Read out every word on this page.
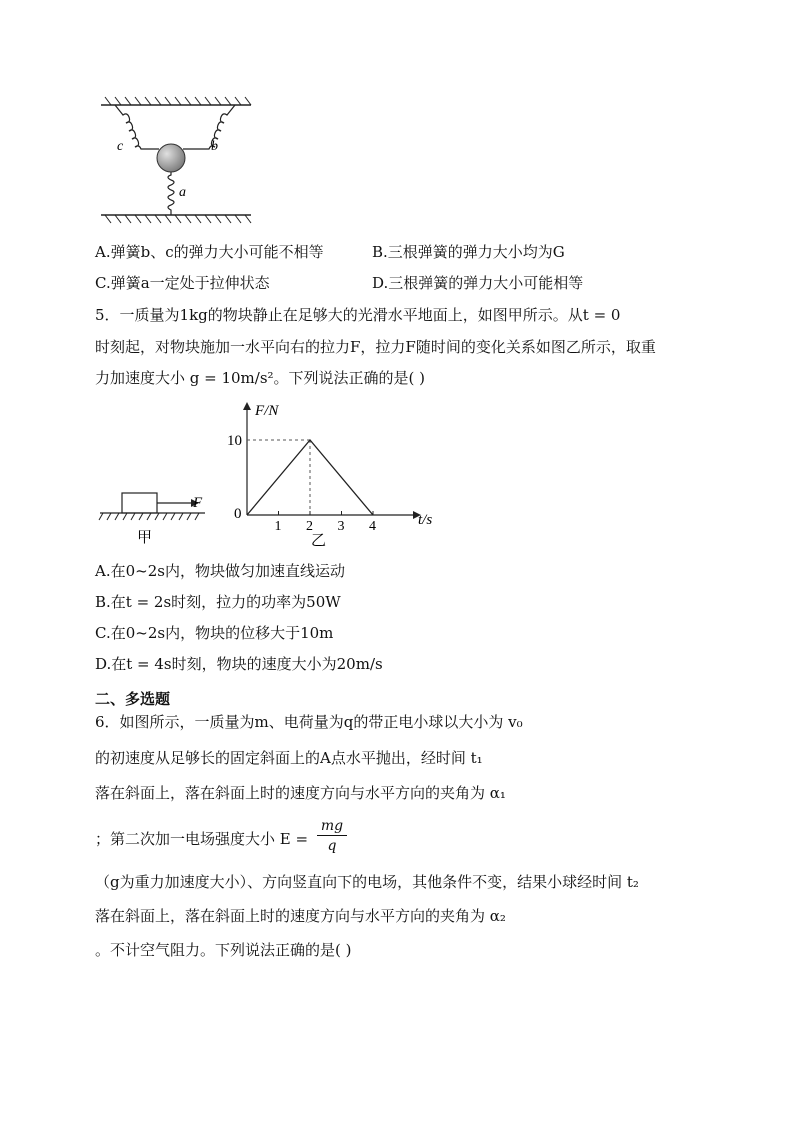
c	b
a
A.弹簧b、c的弹力大小可能不相等	B.三根弹簧的弹力大小均为G
C.弹簧a一定处于拉伸状态	D.三根弹簧的弹力大小可能相等
5．一质量为1kg的物块静止在足够大的光滑水平地面上，如图甲所示。从t = 0
时刻起，对物块施加一水平向右的拉力F，拉力F随时间的变化关系如图乙所示，取重
力加速度大小 g = 10m/s²。下列说法正确的是( )
F
甲
F/N
t/s
0
1 2 3 4
10
乙
A.在0~2s内，物块做匀加速直线运动
B.在t = 2s时刻，拉力的功率为50W
C.在0~2s内，物块的位移大于10m
D.在t = 4s时刻，物块的速度大小为20m/s
二、多选题
6．如图所示，一质量为m、电荷量为q的带正电小球以大小为 v₀
的初速度从足够长的固定斜面上的A点水平抛出，经时间 t₁
落在斜面上，落在斜面上时的速度方向与水平方向的夹角为 α₁
；第二次加一电场强度大小 $E = \frac{mg}{q}$
（g为重力加速度大小）、方向竖直向下的电场，其他条件不变，结果小球经时间 t₂
落在斜面上，落在斜面上时的速度方向与水平方向的夹角为 α₂
。不计空气阻力。下列说法正确的是( )
